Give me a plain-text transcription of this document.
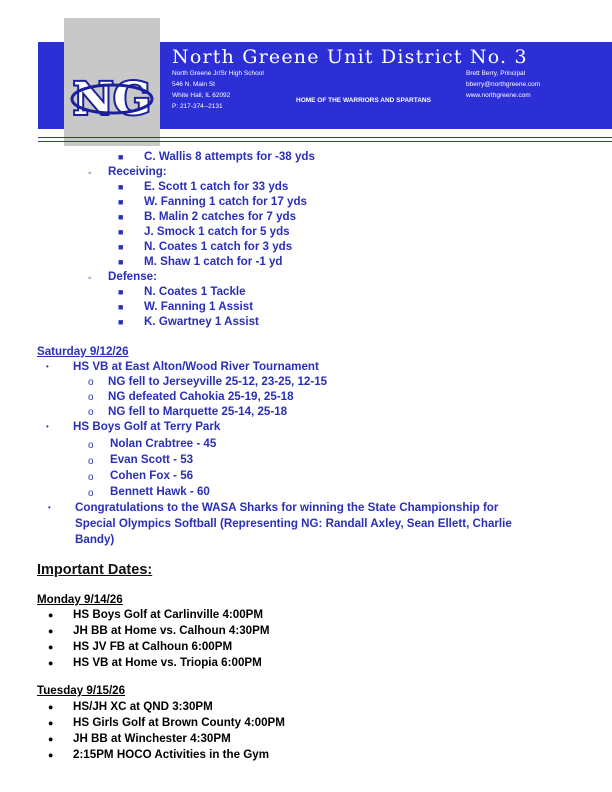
NG
North Greene Unit District No. 3
North Greene Jr/Sr High School
546 N. Main St
White Hall, IL 62092
P: 217-374--2131
Brett Berry, Principal
bberry@northgreene.com
www.northgreene.com
HOME OF THE WARRIORS AND SPARTANS
■ C. Wallis 8 attempts for -38 yds
◦ Receiving:
■ E. Scott 1 catch for 33 yds
■ W. Fanning 1 catch for 17 yds
■ B. Malin 2 catches for 7 yds
■ J. Smock 1 catch for 5 yds
■ N. Coates 1 catch for 3 yds
■ M. Shaw 1 catch for -1 yd
◦ Defense:
■ N. Coates 1 Tackle
■ W. Fanning 1 Assist
■ K. Gwartney 1 Assist
Saturday 9/12/26
• HS VB at East Alton/Wood River Tournament
o NG fell to Jerseyville 25-12, 23-25, 12-15
o NG defeated Cahokia 25-19, 25-18
o NG fell to Marquette 25-14, 25-18
• HS Boys Golf at Terry Park
o Nolan Crabtree - 45
o Evan Scott - 53
o Cohen Fox - 56
o Bennett Hawk - 60
• Congratulations to the WASA Sharks for winning the State Championship for
Special Olympics Softball (Representing NG: Randall Axley, Sean Ellett, Charlie
Bandy)
Important Dates:
Monday 9/14/26
● HS Boys Golf at Carlinville 4:00PM
● JH BB at Home vs. Calhoun 4:30PM
● HS JV FB at Calhoun 6:00PM
● HS VB at Home vs. Triopia 6:00PM
Tuesday 9/15/26
● HS/JH XC at QND 3:30PM
● HS Girls Golf at Brown County 4:00PM
● JH BB at Winchester 4:30PM
● 2:15PM HOCO Activities in the Gym
